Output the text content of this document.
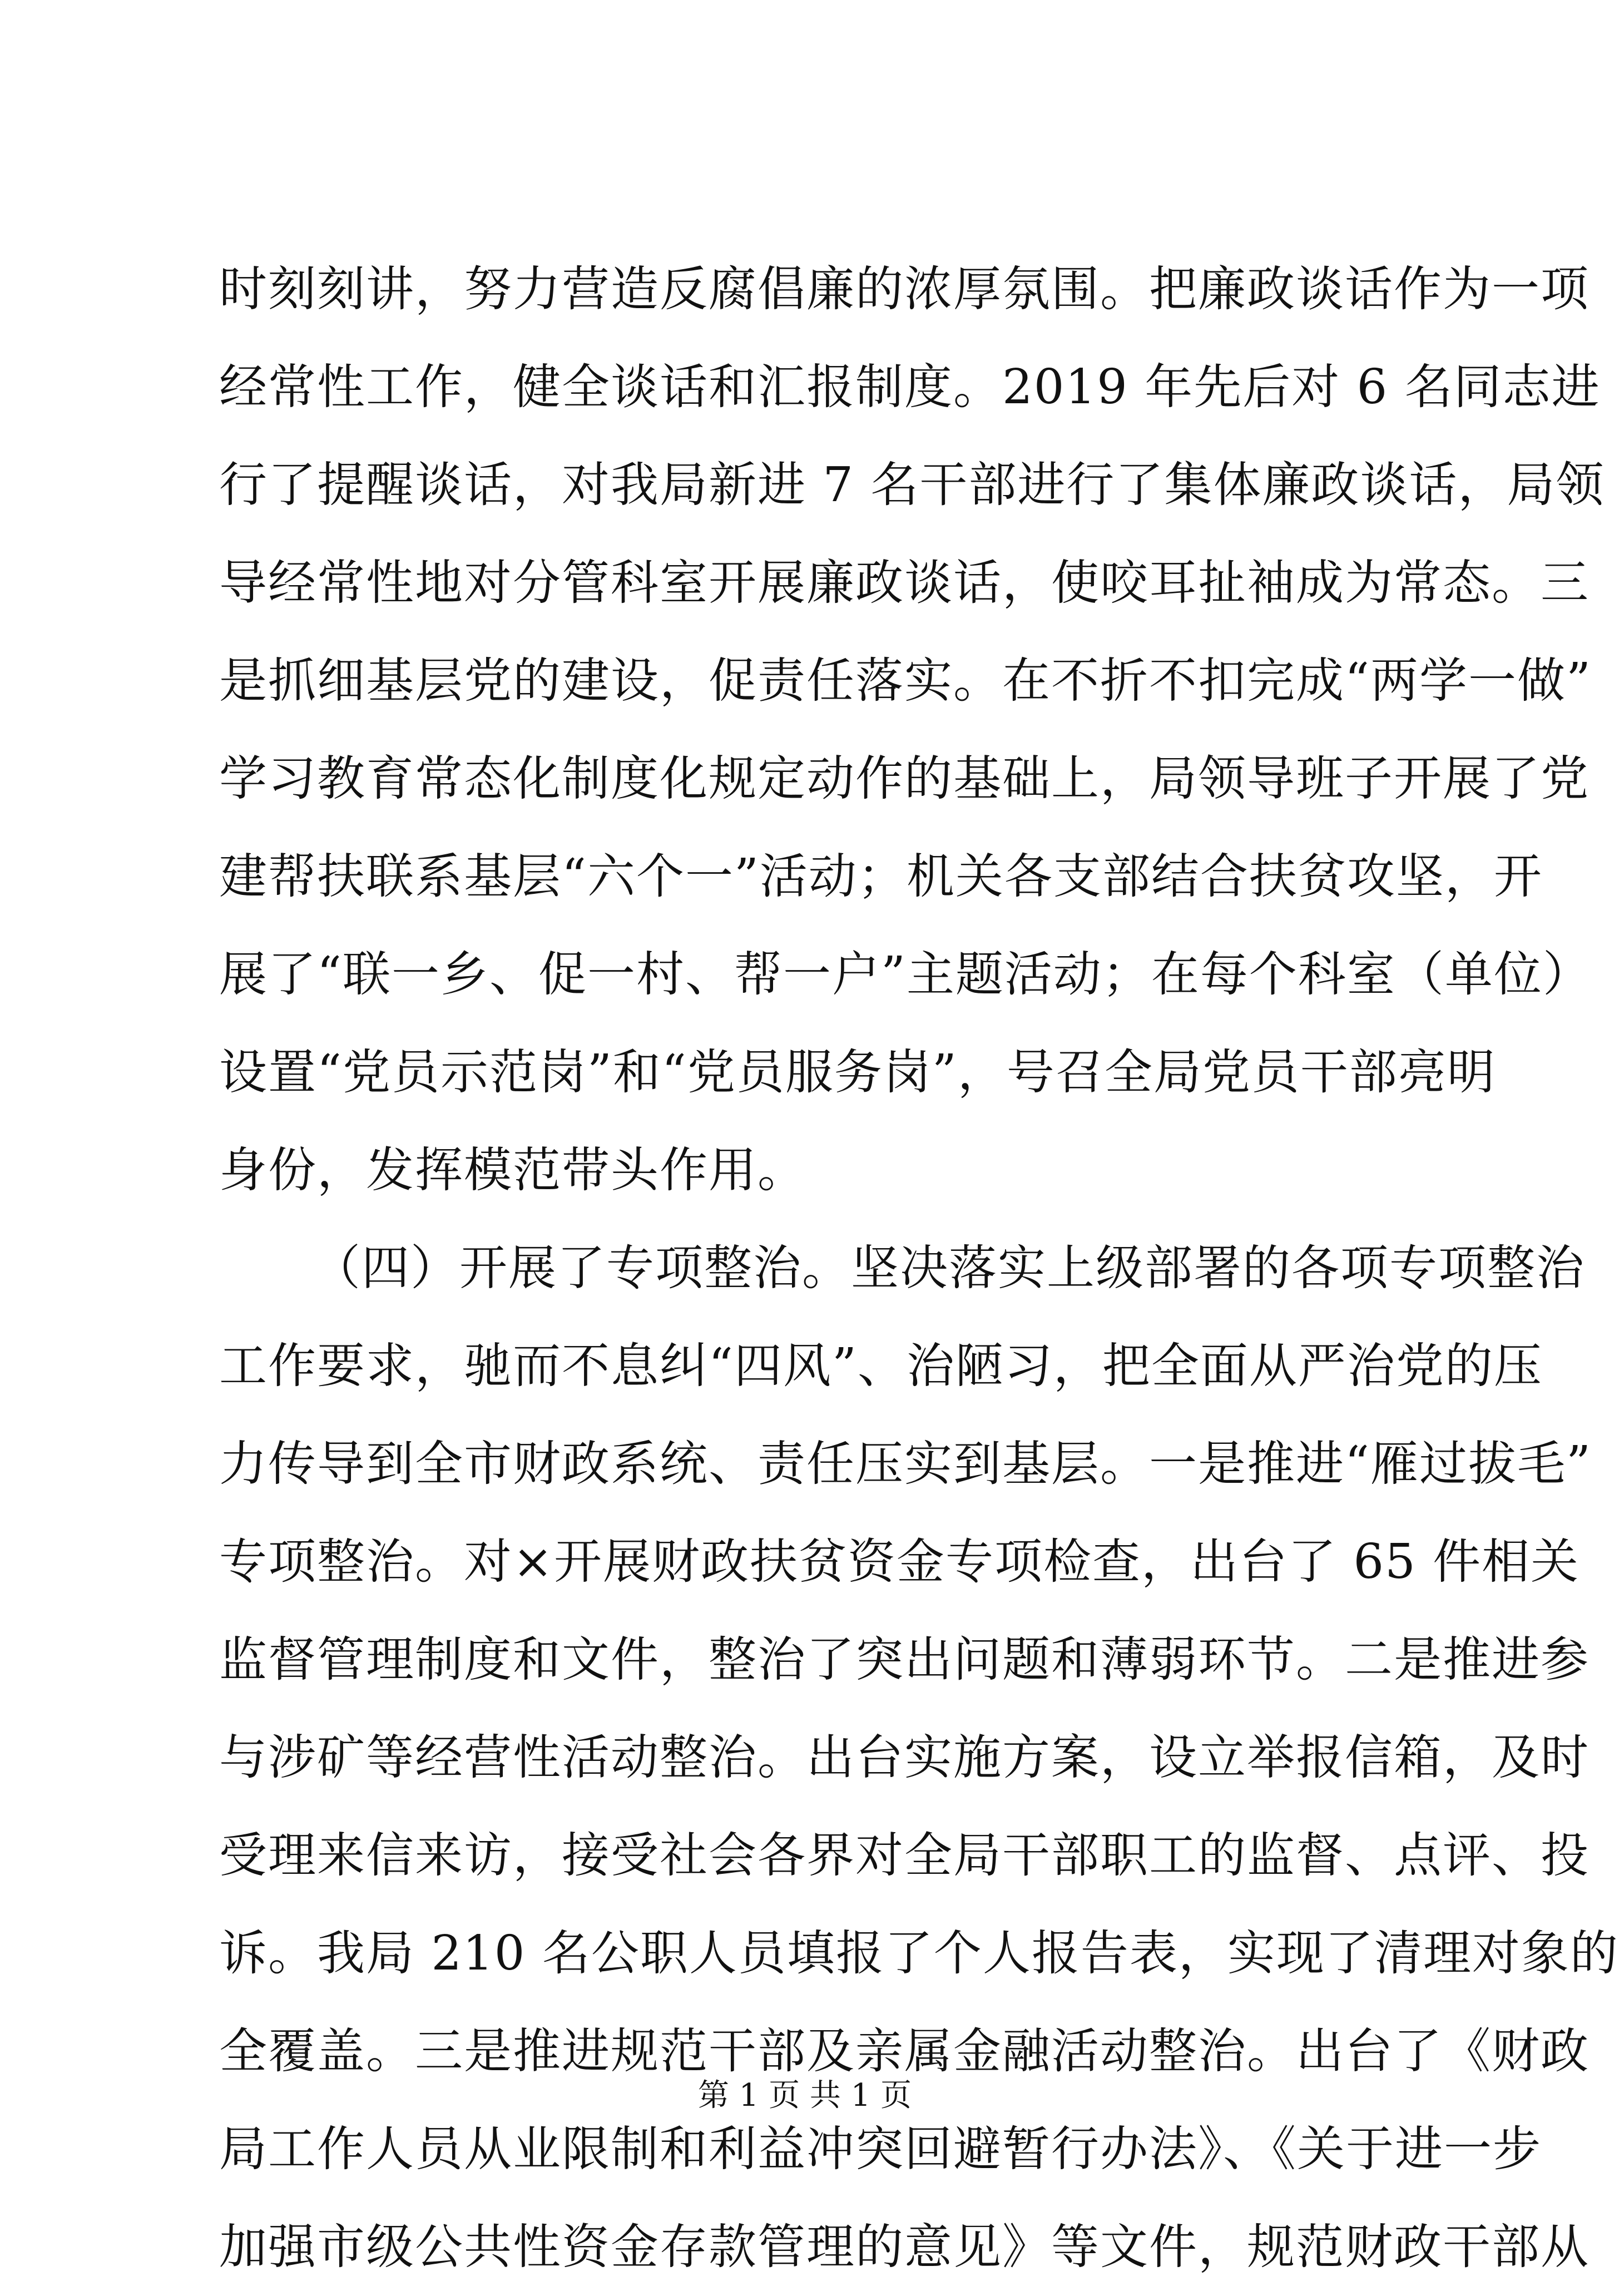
时刻刻讲，努力营造反腐倡廉的浓厚氛围。把廉政谈话作为一项
经常性工作，健全谈话和汇报制度。2019 年先后对 6 名同志进
行了提醒谈话，对我局新进 7 名干部进行了集体廉政谈话，局领
导经常性地对分管科室开展廉政谈话，使咬耳扯袖成为常态。三
是抓细基层党的建设，促责任落实。在不折不扣完成“两学一做”
学习教育常态化制度化规定动作的基础上，局领导班子开展了党
建帮扶联系基层“六个一”活动；机关各支部结合扶贫攻坚，开
展了“联一乡、促一村、帮一户”主题活动；在每个科室（单位）
设置“党员示范岗”和“党员服务岗”，号召全局党员干部亮明
身份，发挥模范带头作用。
（四）开展了专项整治。坚决落实上级部署的各项专项整治
工作要求，驰而不息纠“四风”、治陋习，把全面从严治党的压
力传导到全市财政系统、责任压实到基层。一是推进“雁过拔毛”
专项整治。对×开展财政扶贫资金专项检查，出台了 65 件相关
监督管理制度和文件，整治了突出问题和薄弱环节。二是推进参
与涉矿等经营性活动整治。出台实施方案，设立举报信箱，及时
受理来信来访，接受社会各界对全局干部职工的监督、点评、投
诉。我局 210 名公职人员填报了个人报告表，实现了清理对象的
全覆盖。三是推进规范干部及亲属金融活动整治。出台了《财政
局工作人员从业限制和利益冲突回避暂行办法》、《关于进一步
加强市级公共性资金存款管理的意见》等文件，规范财政干部从
第 1 页 共 1 页
